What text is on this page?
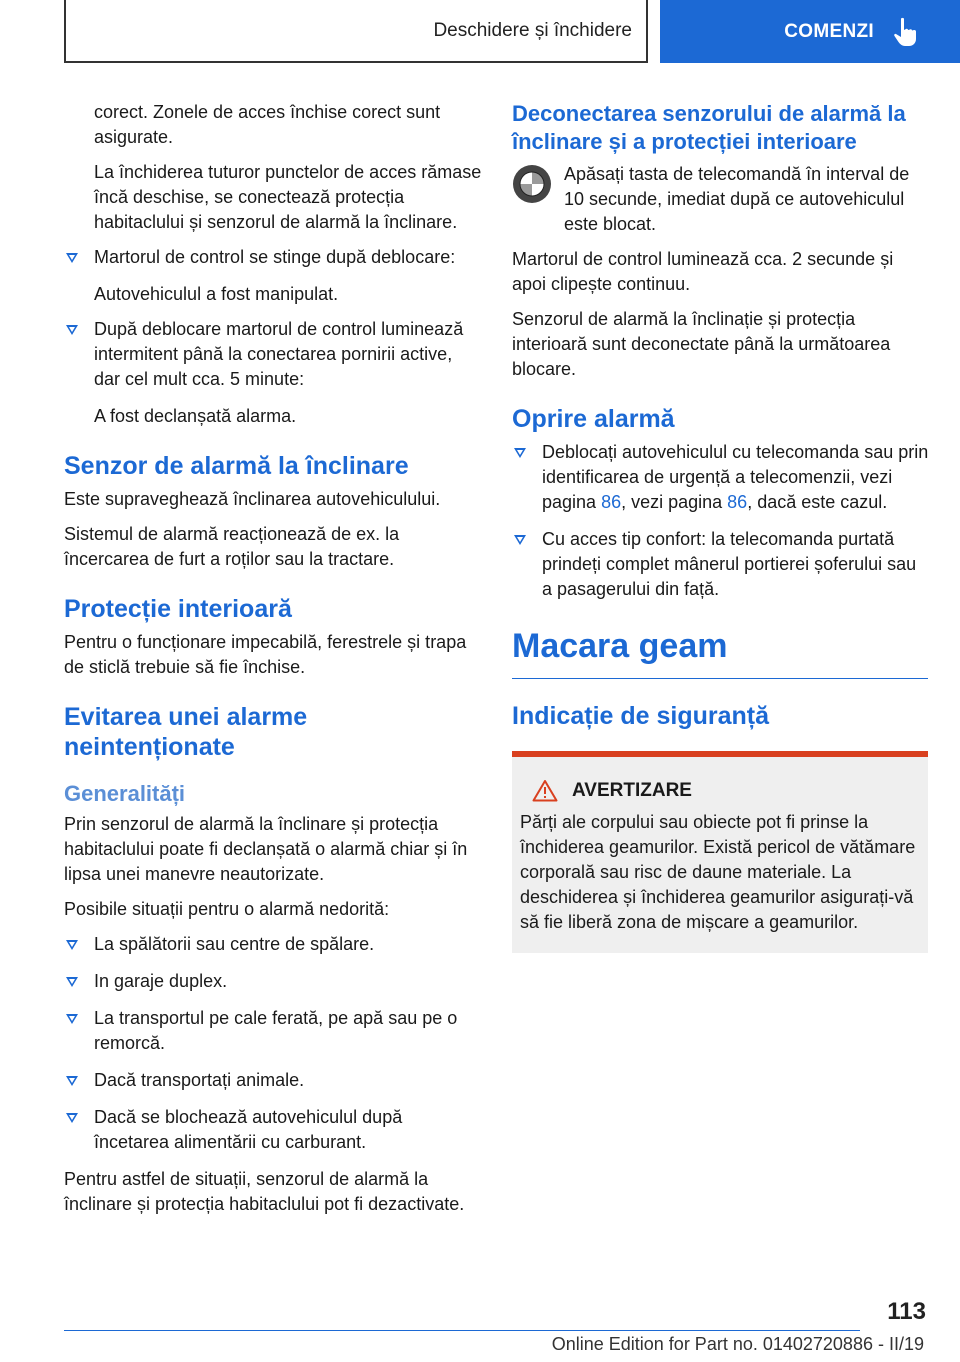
Deschidere și închidere	COMENZI

corect. Zonele de acces închise corect sunt asigurate.

La închiderea tuturor punctelor de acces rămase încă deschise, se conectează protecția habitaclului și senzorul de alarmă la înclinare.

Martorul de control se stinge după deblocare:

Autovehiculul a fost manipulat.

După deblocare martorul de control luminează intermitent până la conectarea pornirii active, dar cel mult cca. 5 minute:

A fost declanșată alarma.

Senzor de alarmă la înclinare

Este supraveghează înclinarea autovehiculului.

Sistemul de alarmă reacționează de ex. la încercarea de furt a roților sau la tractare.

Protecție interioară

Pentru o funcționare impecabilă, ferestrele și trapa de sticlă trebuie să fie închise.

Evitarea unei alarme neintenționate
Generalități

Prin senzorul de alarmă la înclinare și protecția habitaclului poate fi declanșată o alarmă chiar și în lipsa unei manevre neautorizate.

Posibile situații pentru o alarmă nedorită:

La spălătorii sau centre de spălare.
In garaje duplex.
La transportul pe cale ferată, pe apă sau pe o remorcă.
Dacă transportați animale.
Dacă se blochează autovehiculul după încetarea alimentării cu carburant.

Pentru astfel de situații, senzorul de alarmă la înclinare și protecția habitaclului pot fi dezactivate.

Deconectarea senzorului de alarmă la înclinare și a protecției interioare

Apăsați tasta de telecomandă în interval de 10 secunde, imediat după ce autovehiculul este blocat.

Martorul de control luminează cca. 2 secunde și apoi clipește continuu.

Senzorul de alarmă la înclinație și protecția interioară sunt deconectate până la următoarea blocare.

Oprire alarmă
Deblocați autovehiculul cu telecomanda sau prin identificarea de urgență a telecomenzii, vezi pagina 86, vezi pagina 86, dacă este cazul.
Cu acces tip confort: la telecomanda purtată prindeți complet mânerul portierei șoferului sau a pasagerului din față.
Macara geam
Indicație de siguranță
AVERTIZARE

Părți ale corpului sau obiecte pot fi prinse la închiderea geamurilor. Există pericol de vătămare corporală sau risc de daune materiale. La deschiderea și închiderea geamurilor asigurați-vă să fie liberă zona de mișcare a geamurilor.

113
Online Edition for Part no. 01402720886 - II/19
